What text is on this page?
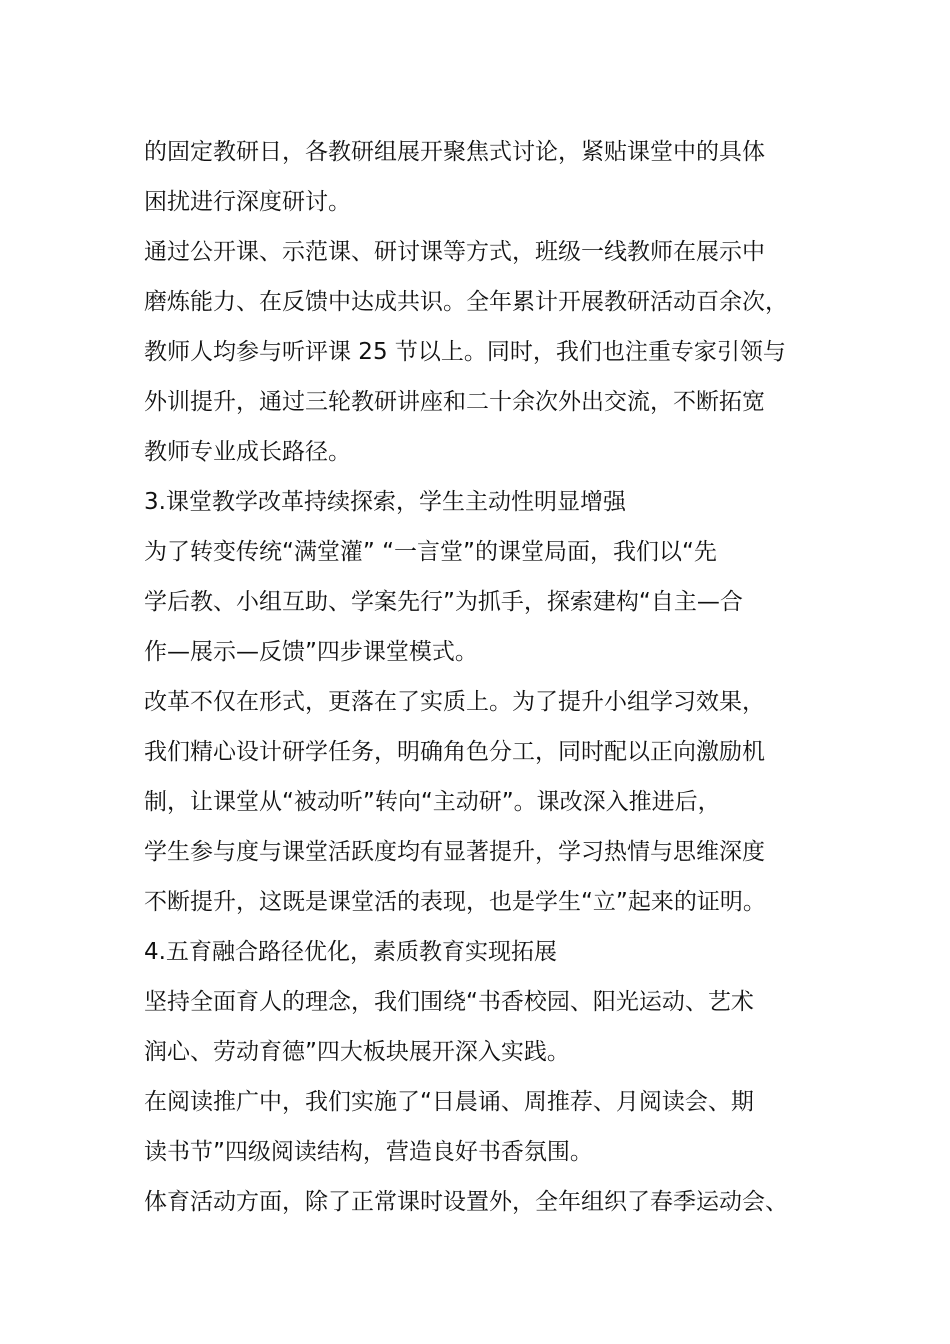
的固定教研日，各教研组展开聚焦式讨论，紧贴课堂中的具体
困扰进行深度研讨。
通过公开课、示范课、研讨课等方式，班级一线教师在展示中
磨炼能力、在反馈中达成共识。全年累计开展教研活动百余次，
教师人均参与听评课 25 节以上。同时，我们也注重专家引领与
外训提升，通过三轮教研讲座和二十余次外出交流，不断拓宽
教师专业成长路径。
3.课堂教学改革持续探索，学生主动性明显增强
为了转变传统“满堂灌” “一言堂”的课堂局面，我们以“先
学后教、小组互助、学案先行”为抓手，探索建构“自主—合
作—展示—反馈”四步课堂模式。
改革不仅在形式，更落在了实质上。为了提升小组学习效果，
我们精心设计研学任务，明确角色分工，同时配以正向激励机
制，让课堂从“被动听”转向“主动研”。课改深入推进后，
学生参与度与课堂活跃度均有显著提升，学习热情与思维深度
不断提升，这既是课堂活的表现，也是学生“立”起来的证明。
4.五育融合路径优化，素质教育实现拓展
坚持全面育人的理念，我们围绕“书香校园、阳光运动、艺术
润心、劳动育德”四大板块展开深入实践。
在阅读推广中，我们实施了“日晨诵、周推荐、月阅读会、期
读书节”四级阅读结构，营造良好书香氛围。
体育活动方面，除了正常课时设置外，全年组织了春季运动会、
